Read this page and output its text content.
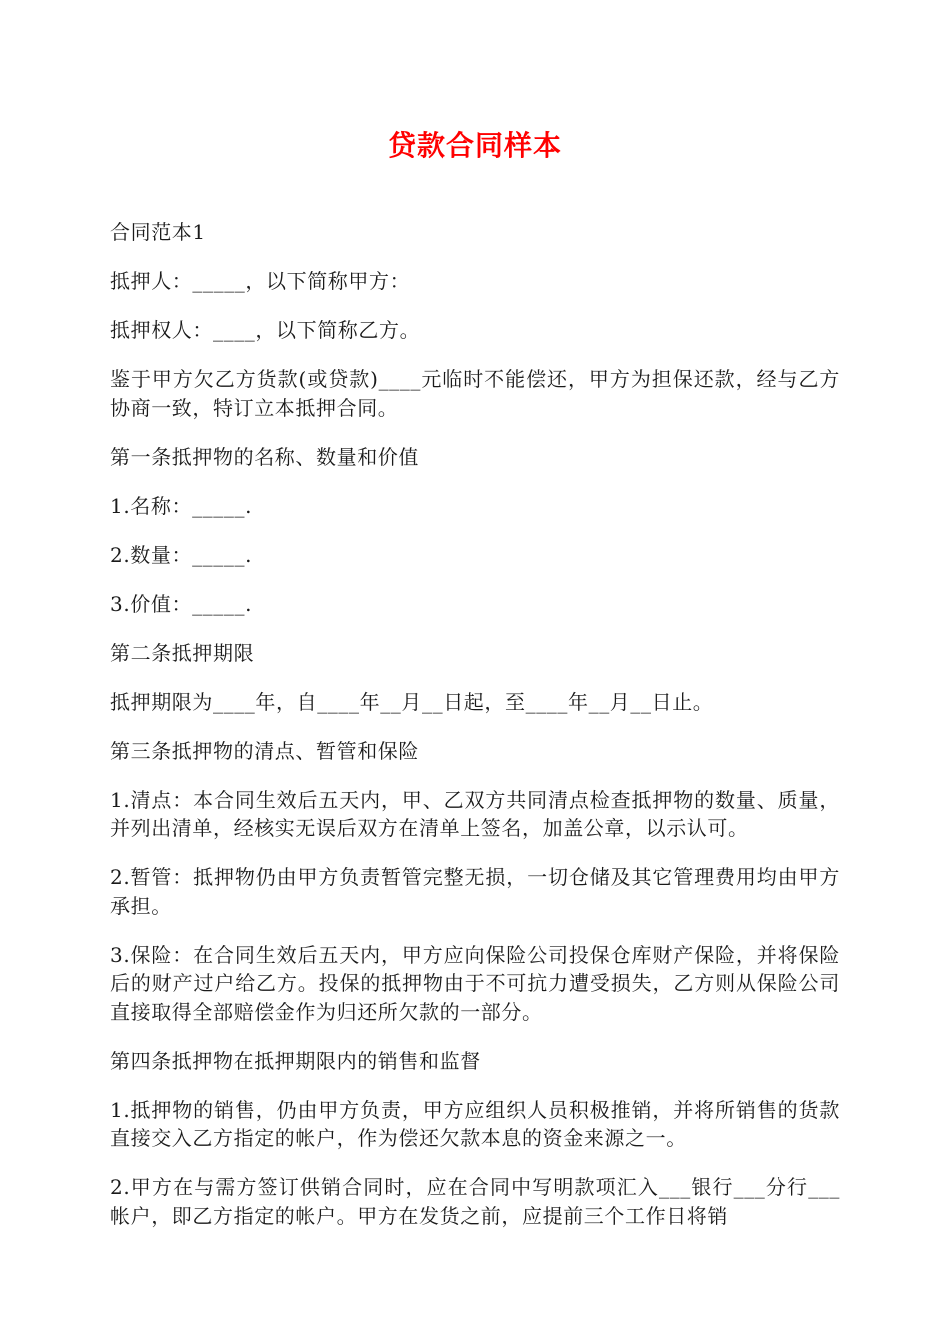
贷款合同样本

合同范本1

抵押人：_____，以下简称甲方：

抵押权人：____，以下简称乙方。

鉴于甲方欠乙方货款(或贷款)____元临时不能偿还，甲方为担保还款，经与乙方协商一致，特订立本抵押合同。

第一条抵押物的名称、数量和价值

1.名称：_____.

2.数量：_____.

3.价值：_____.

第二条抵押期限

抵押期限为____年，自____年__月__日起，至____年__月__日止。

第三条抵押物的清点、暂管和保险

1.清点：本合同生效后五天内，甲、乙双方共同清点检查抵押物的数量、质量，并列出清单，经核实无误后双方在清单上签名，加盖公章，以示认可。

2.暂管：抵押物仍由甲方负责暂管完整无损，一切仓储及其它管理费用均由甲方承担。

3.保险：在合同生效后五天内，甲方应向保险公司投保仓库财产保险，并将保险后的财产过户给乙方。投保的抵押物由于不可抗力遭受损失，乙方则从保险公司直接取得全部赔偿金作为归还所欠款的一部分。

第四条抵押物在抵押期限内的销售和监督

1.抵押物的销售，仍由甲方负责，甲方应组织人员积极推销，并将所销售的货款直接交入乙方指定的帐户，作为偿还欠款本息的资金来源之一。

2.甲方在与需方签订供销合同时，应在合同中写明款项汇入___银行___分行___帐户，即乙方指定的帐户。甲方在发货之前，应提前三个工作日将销
